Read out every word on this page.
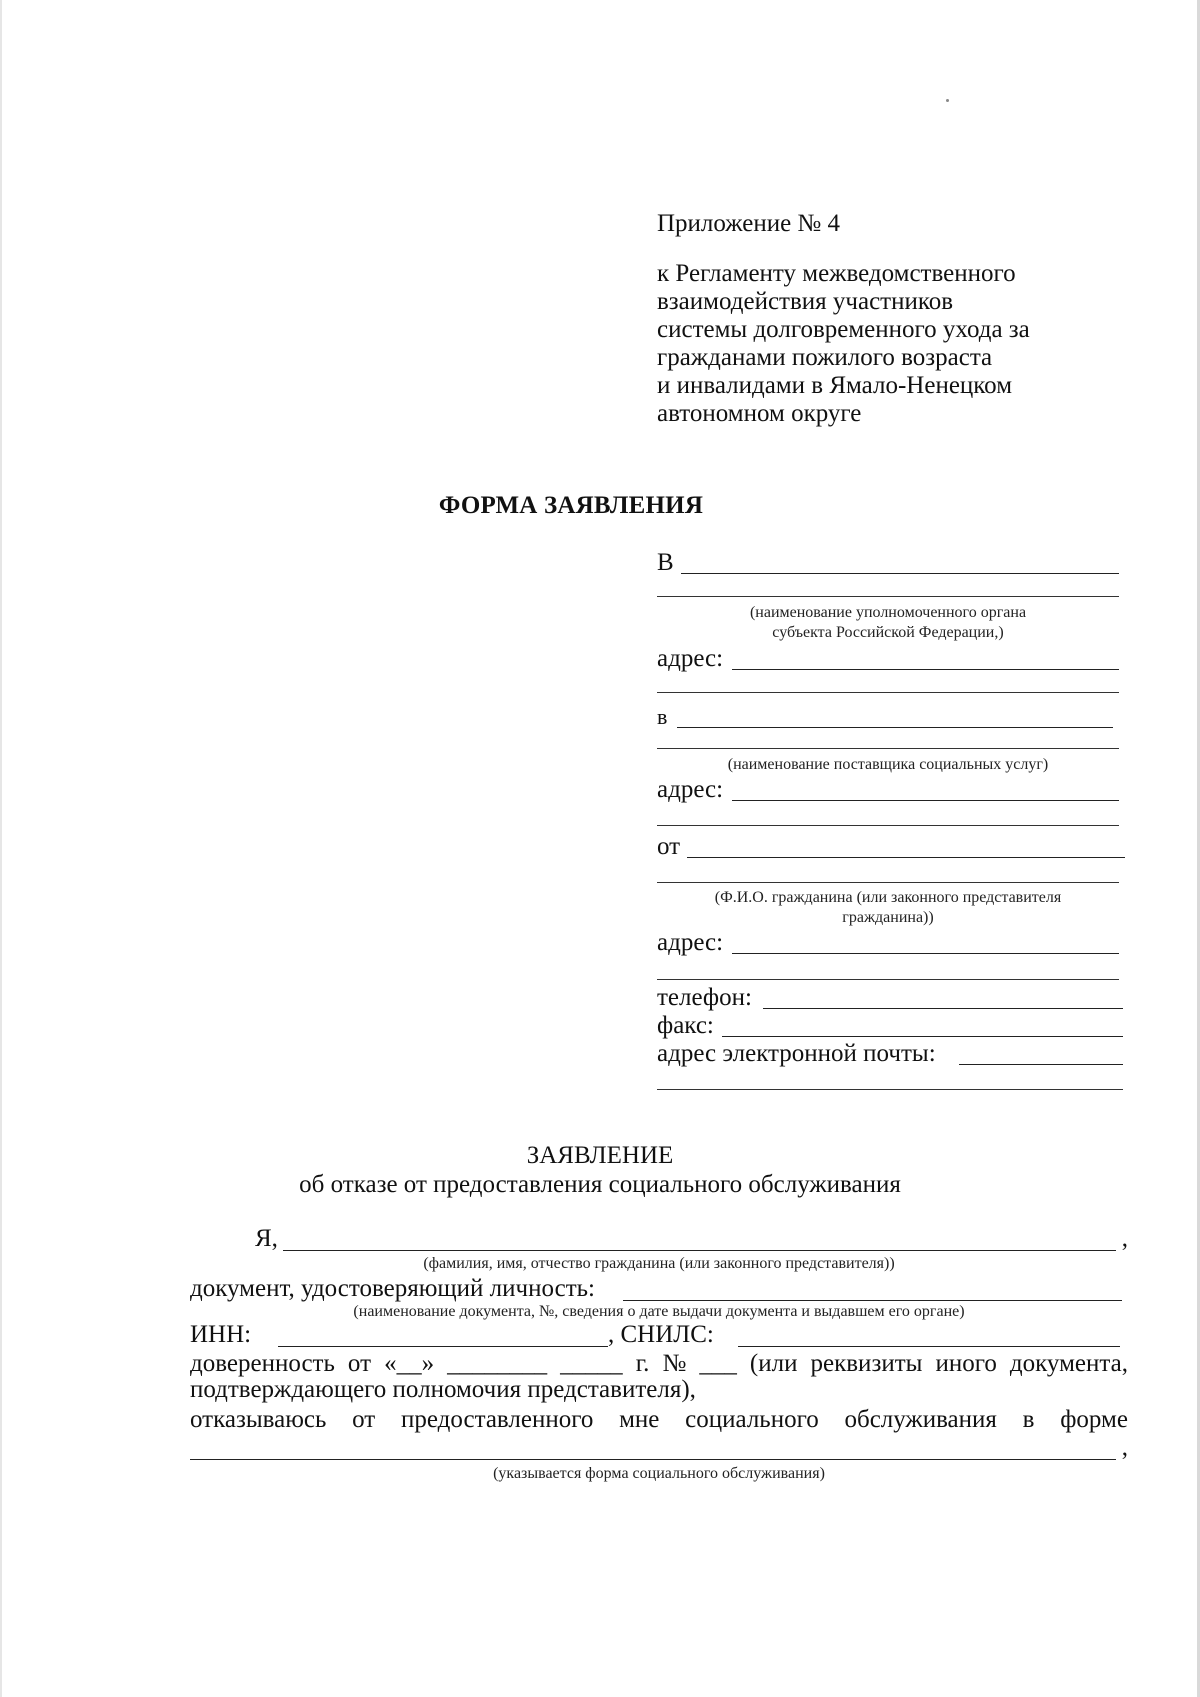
Приложение № 4
к Регламенту межведомственного
взаимодействия участников
системы долговременного ухода за
гражданами пожилого возраста
и инвалидами в Ямало-Ненецком
автономном округе
ФОРМА ЗАЯВЛЕНИЯ
В
(наименование уполномоченного органа
субъекта Российской Федерации,)
адрес:
в
(наименование поставщика социальных услуг)
адрес:
от
(Ф.И.О. гражданина (или законного представителя
гражданина))
адрес:
телефон:
факс:
адрес электронной почты:
ЗАЯВЛЕНИЕ
об отказе от предоставления социального обслуживания
Я,	,
(фамилия, имя, отчество гражданина (или законного представителя))
документ, удостоверяющий личность:
(наименование документа, №, сведения о дате выдачи документа и выдавшем его органе)
ИНН:	, СНИЛС:
доверенность от «__» ________ _____ г. № ___ (или реквизиты иного документа,
подтверждающего полномочия представителя),
отказываюсь от предоставленного мне социального обслуживания в форме
,
(указывается форма социального обслуживания)
